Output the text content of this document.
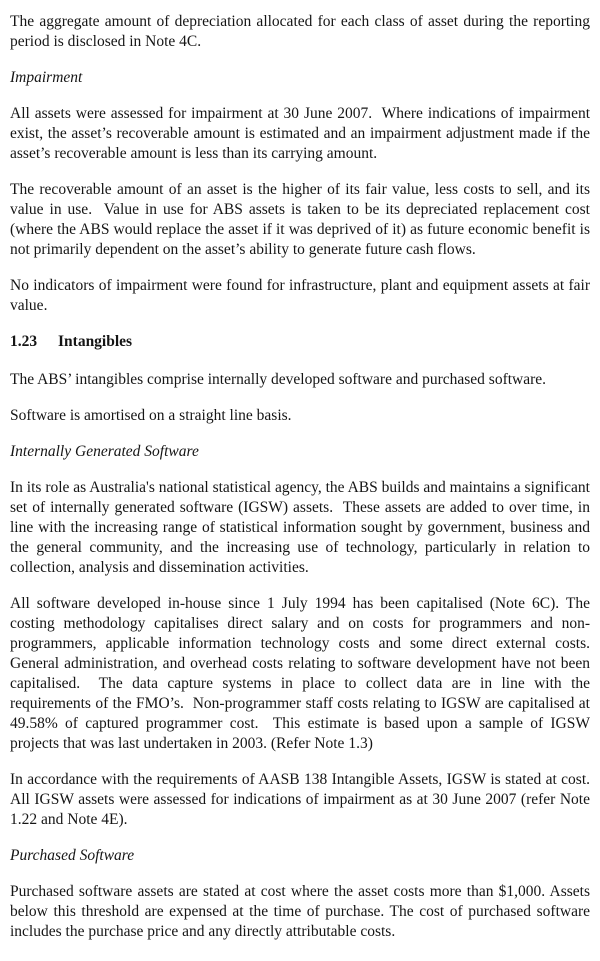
The aggregate amount of depreciation allocated for each class of asset during the reporting period is disclosed in Note 4C.

Impairment

All assets were assessed for impairment at 30 June 2007.  Where indications of impairment exist, the asset’s recoverable amount is estimated and an impairment adjustment made if the asset’s recoverable amount is less than its carrying amount.

The recoverable amount of an asset is the higher of its fair value, less costs to sell, and its value in use.  Value in use for ABS assets is taken to be its depreciated replacement cost (where the ABS would replace the asset if it was deprived of it) as future economic benefit is not primarily dependent on the asset’s ability to generate future cash flows.

No indicators of impairment were found for infrastructure, plant and equipment assets at fair value.

1.23 Intangibles

The ABS’ intangibles comprise internally developed software and purchased software.

Software is amortised on a straight line basis.

Internally Generated Software

In its role as Australia's national statistical agency, the ABS builds and maintains a significant set of internally generated software (IGSW) assets.  These assets are added to over time, in line with the increasing range of statistical information sought by government, business and the general community, and the increasing use of technology, particularly in relation to collection, analysis and dissemination activities.

All software developed in-house since 1 July 1994 has been capitalised (Note 6C). The costing methodology capitalises direct salary and on costs for programmers and non-programmers, applicable information technology costs and some direct external costs.  General administration, and overhead costs relating to software development have not been capitalised.  The data capture systems in place to collect data are in line with the requirements of the FMO’s.  Non-programmer staff costs relating to IGSW are capitalised at 49.58% of captured programmer cost.  This estimate is based upon a sample of IGSW projects that was last undertaken in 2003. (Refer Note 1.3)

In accordance with the requirements of AASB 138 Intangible Assets, IGSW is stated at cost. All IGSW assets were assessed for indications of impairment as at 30 June 2007 (refer Note 1.22 and Note 4E).

Purchased Software

Purchased software assets are stated at cost where the asset costs more than $1,000. Assets below this threshold are expensed at the time of purchase. The cost of purchased software includes the purchase price and any directly attributable costs.
